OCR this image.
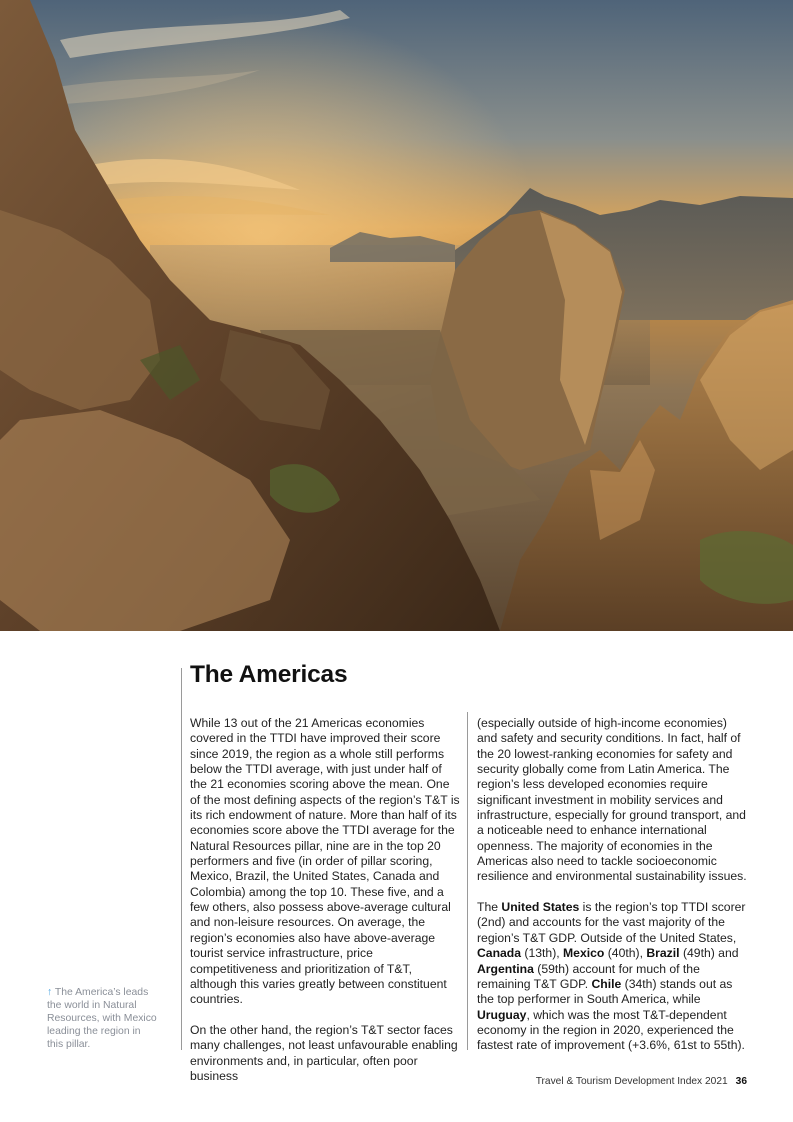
The Americas

While 13 out of the 21 Americas economies covered in the TTDI have improved their score since 2019, the region as a whole still performs below the TTDI average, with just under half of the 21 economies scoring above the mean. One of the most defining aspects of the region’s T&T is its rich endowment of nature. More than half of its economies score above the TTDI average for the Natural Resources pillar, nine are in the top 20 performers and five (in order of pillar scoring, Mexico, Brazil, the United States, Canada and Colombia) among the top 10. These five, and a few others, also possess above-average cultural and non-leisure resources. On average, the region’s economies also have above-average tourist service infrastructure, price competitiveness and prioritization of T&T, although this varies greatly between constituent countries.

On the other hand, the region’s T&T sector faces many challenges, not least unfavourable enabling environments and, in particular, often poor business

(especially outside of high-income economies) and safety and security conditions. In fact, half of the 20 lowest-ranking economies for safety and security globally come from Latin America. The region’s less developed economies require significant investment in mobility services and infrastructure, especially for ground transport, and a noticeable need to enhance international openness. The majority of economies in the Americas also need to tackle socioeconomic resilience and environmental sustainability issues.

The United States is the region’s top TTDI scorer (2nd) and accounts for the vast majority of the region’s T&T GDP. Outside of the United States, Canada (13th), Mexico (40th), Brazil (49th) and Argentina (59th) account for much of the remaining T&T GDP. Chile (34th) stands out as the top performer in South America, while Uruguay, which was the most T&T-dependent economy in the region in 2020, experienced the fastest rate of improvement (+3.6%, 61st to 55th).

↑ The America’s leads the world in Natural Resources, with Mexico leading the region in this pillar.
Travel & Tourism Development Index 2021 36
